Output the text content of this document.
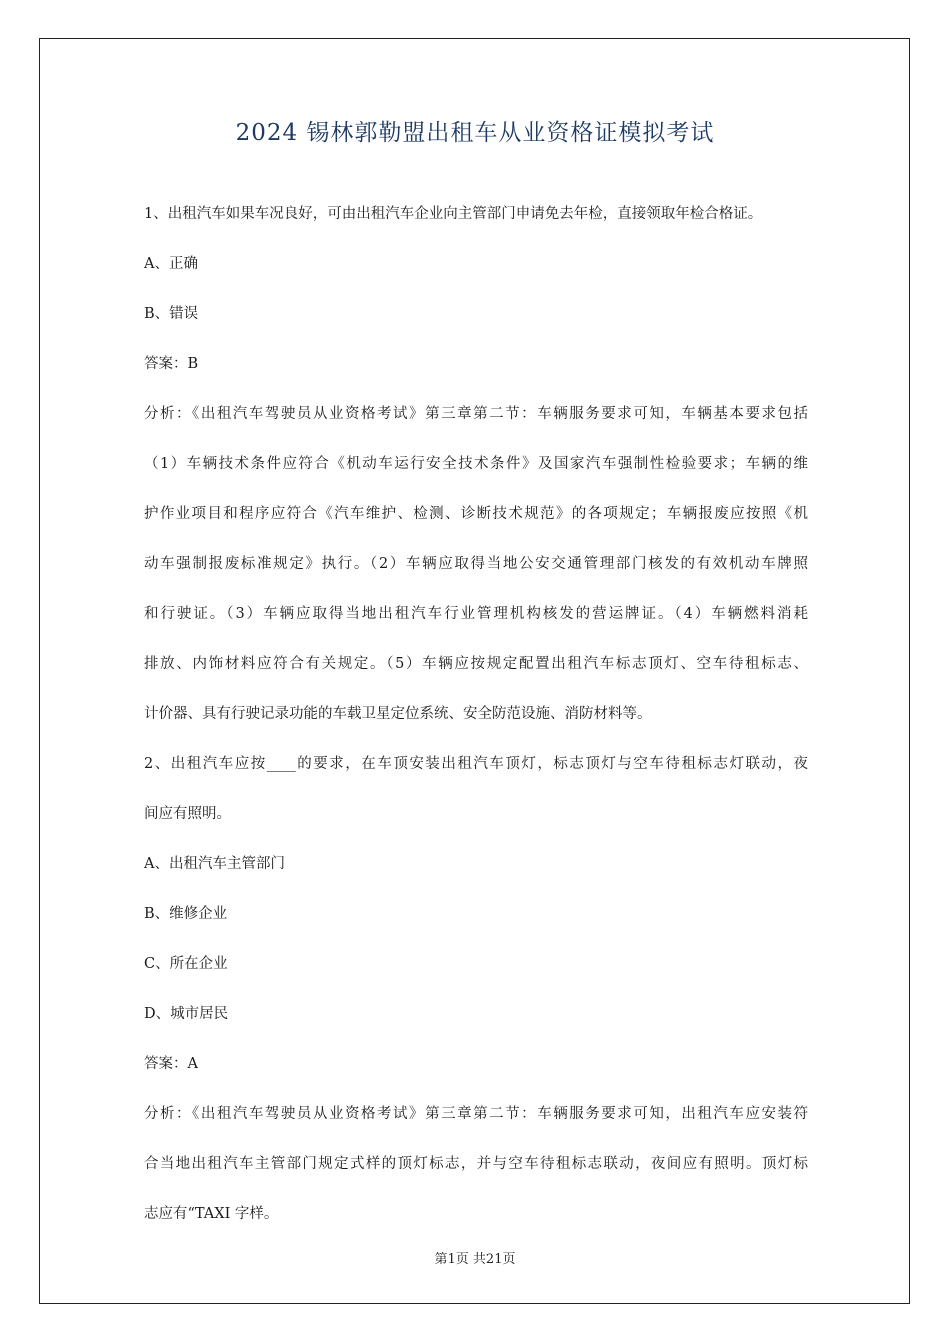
2024 锡林郭勒盟出租车从业资格证模拟考试
1、出租汽车如果车况良好，可由出租汽车企业向主管部门申请免去年检，直接领取年检合格证。
A、正确
B、错误
答案：B
分析：《出租汽车驾驶员从业资格考试》第三章第二节：车辆服务要求可知，车辆基本要求包括
（1）车辆技术条件应符合《机动车运行安全技术条件》及国家汽车强制性检验要求；车辆的维
护作业项目和程序应符合《汽车维护、检测、诊断技术规范》的各项规定；车辆报废应按照《机
动车强制报废标准规定》执行。（2）车辆应取得当地公安交通管理部门核发的有效机动车牌照
和行驶证。（3）车辆应取得当地出租汽车行业管理机构核发的营运牌证。（4）车辆燃料消耗
排放、内饰材料应符合有关规定。（5）车辆应按规定配置出租汽车标志顶灯、空车待租标志、
计价器、具有行驶记录功能的车载卫星定位系统、安全防范设施、消防材料等。
2、出租汽车应按____的要求，在车顶安装出租汽车顶灯，标志顶灯与空车待租标志灯联动，夜
间应有照明。
A、出租汽车主管部门
B、维修企业
C、所在企业
D、城市居民
答案：A
分析：《出租汽车驾驶员从业资格考试》第三章第二节：车辆服务要求可知，出租汽车应安装符
合当地出租汽车主管部门规定式样的顶灯标志，并与空车待租标志联动，夜间应有照明。顶灯标
志应有“TAXI 字样。
第1页 共21页
